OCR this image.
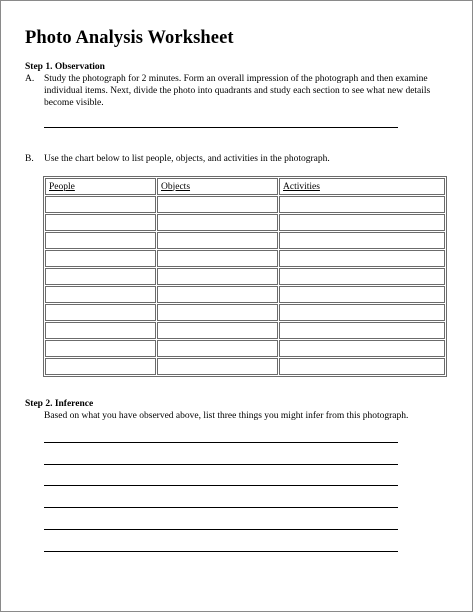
Photo Analysis Worksheet
Step 1. Observation
A. Study the photograph for 2 minutes. Form an overall impression of the photograph and then examine individual items. Next, divide the photo into quadrants and study each section to see what new details become visible.
B. Use the chart below to list people, objects, and activities in the photograph.
People	Objects	Activities

Step 2. Inference
Based on what you have observed above, list three things you might infer from this photograph.
